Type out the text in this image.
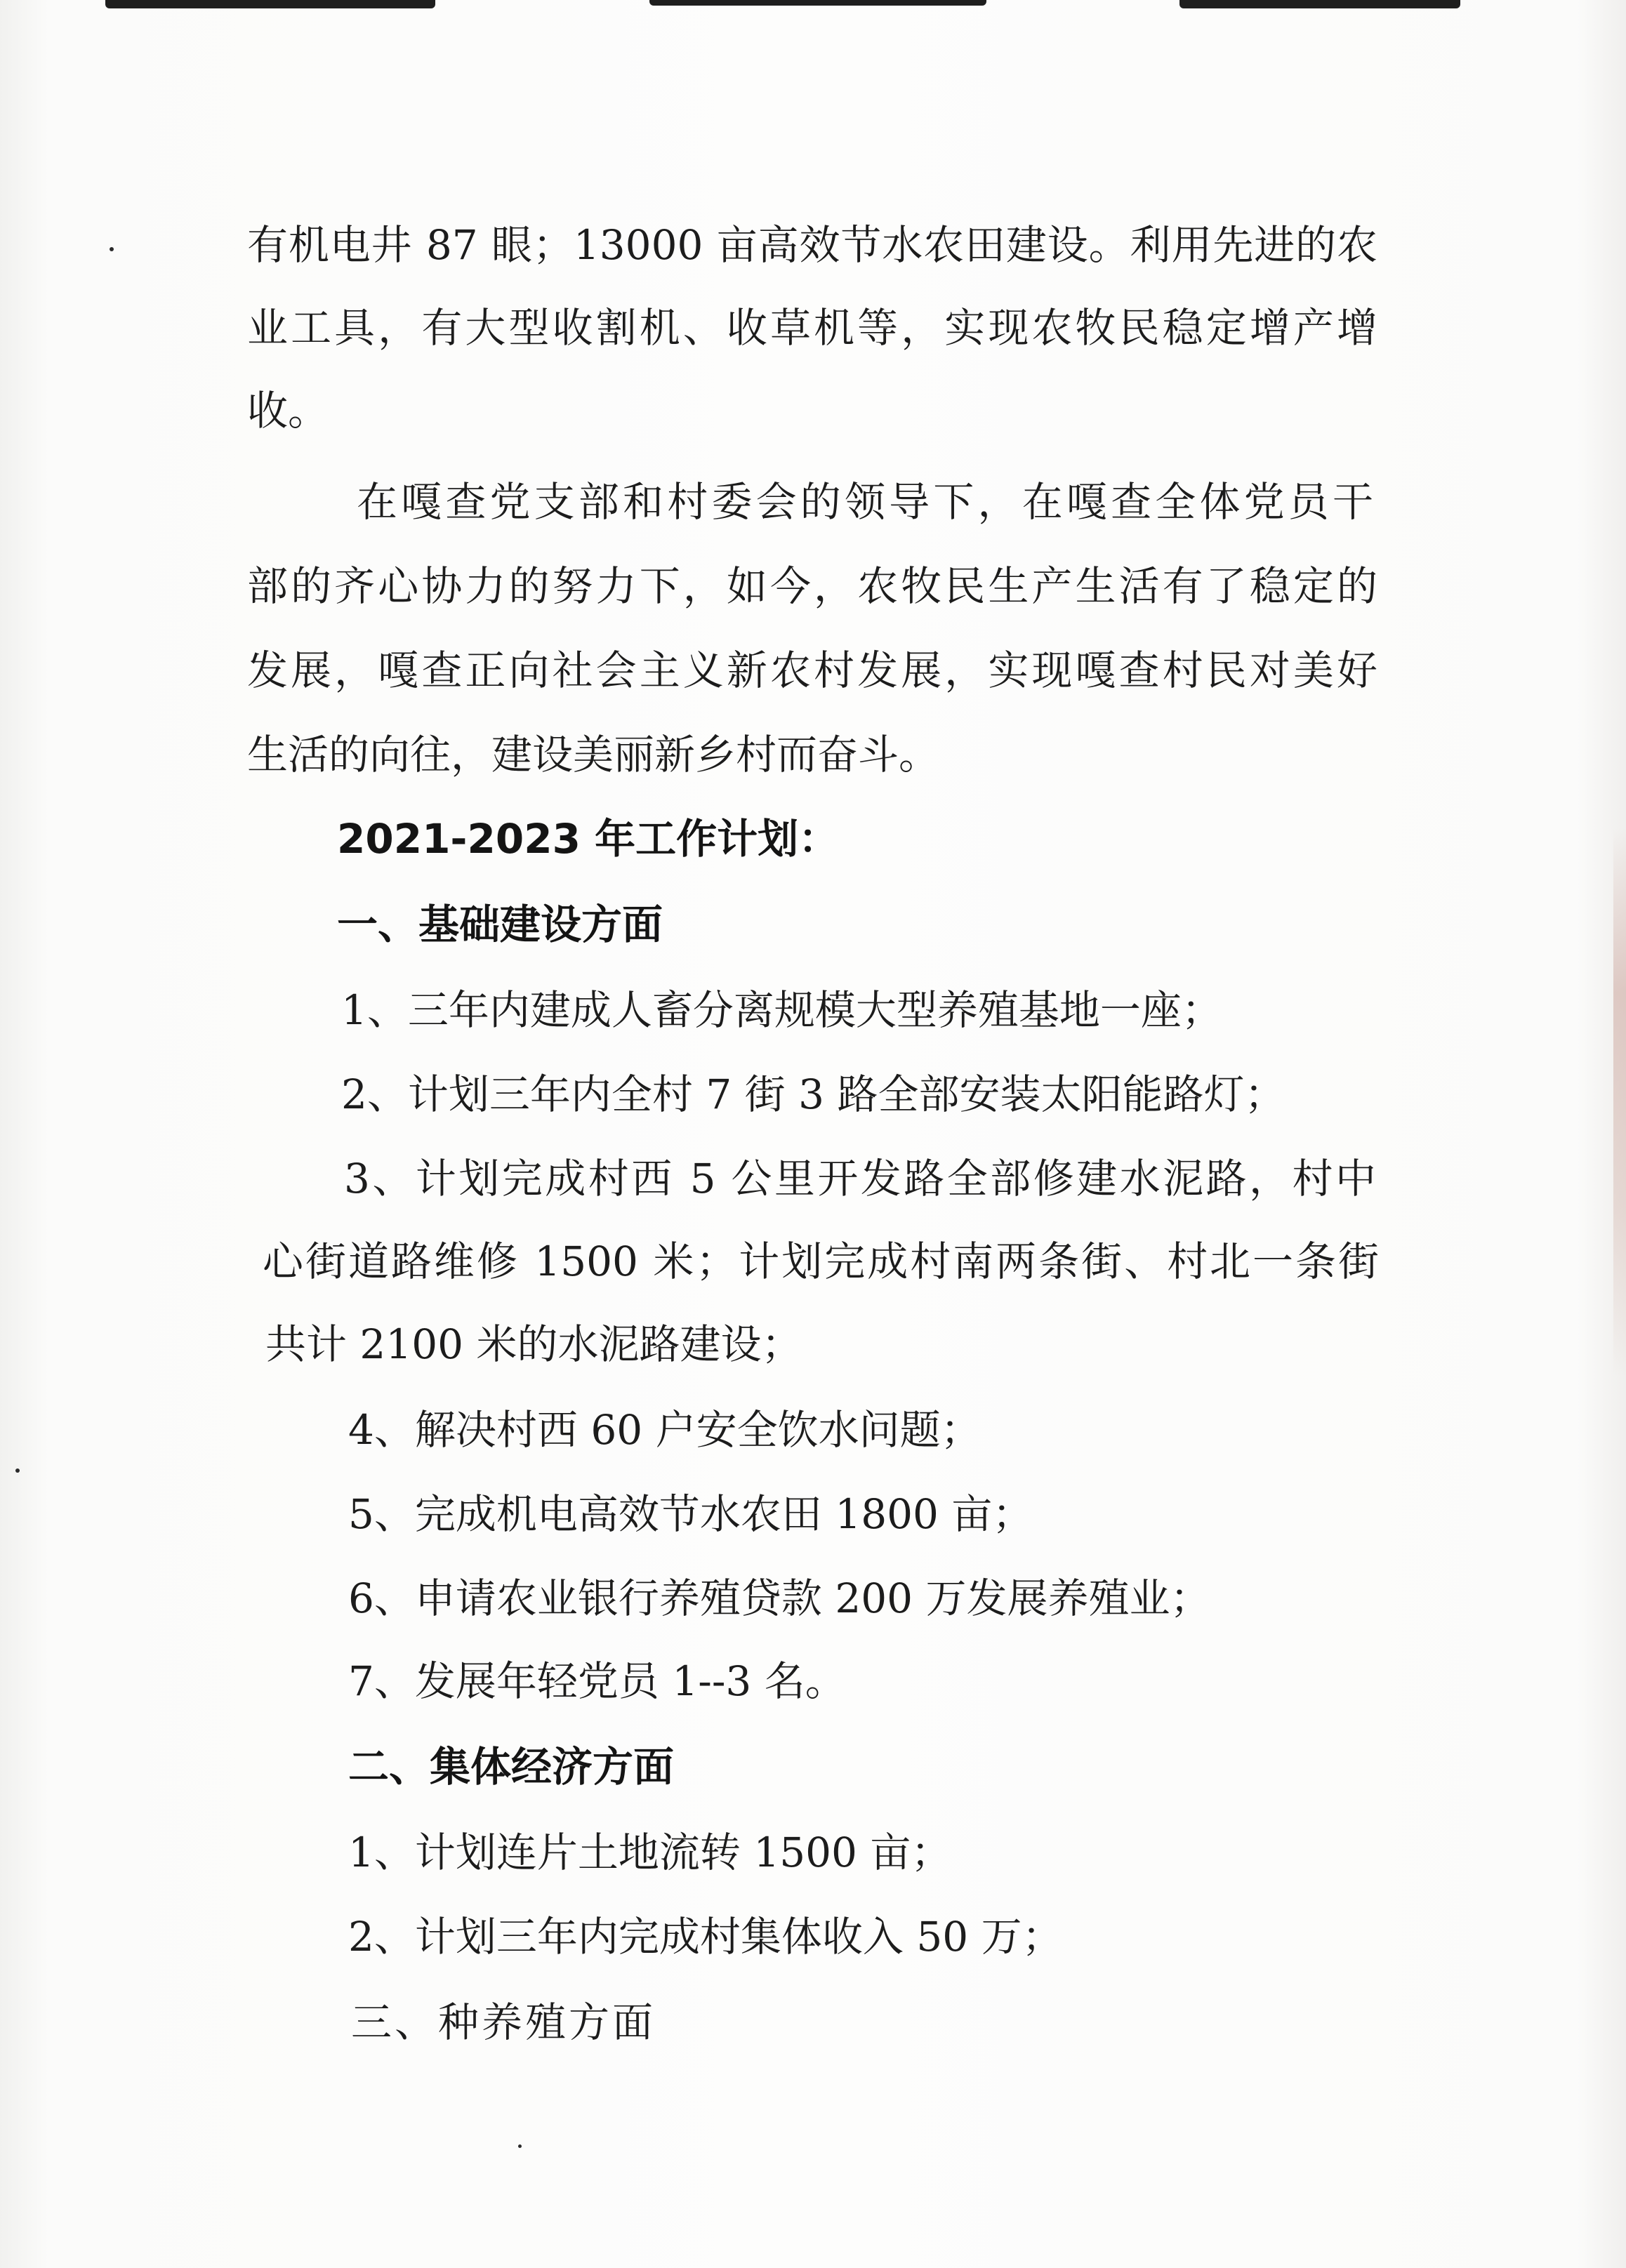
有机电井 87 眼；13000 亩高效节水农田建设。利用先进的农
业工具，有大型收割机、收草机等，实现农牧民稳定增产增
收。
在嘎查党支部和村委会的领导下，在嘎查全体党员干
部的齐心协力的努力下，如今，农牧民生产生活有了稳定的
发展，嘎查正向社会主义新农村发展，实现嘎查村民对美好
生活的向往，建设美丽新乡村而奋斗。
2021-2023 年工作计划：
一、基础建设方面
1、三年内建成人畜分离规模大型养殖基地一座；
2、计划三年内全村 7 街 3 路全部安装太阳能路灯；
3、计划完成村西 5 公里开发路全部修建水泥路，村中
心街道路维修 1500 米；计划完成村南两条街、村北一条街
共计 2100 米的水泥路建设；
4、解决村西 60 户安全饮水问题；
5、完成机电高效节水农田 1800 亩；
6、申请农业银行养殖贷款 200 万发展养殖业；
7、发展年轻党员 1--3 名。
二、集体经济方面
1、计划连片土地流转 1500 亩；
2、计划三年内完成村集体收入 50 万；
三、种养殖方面
